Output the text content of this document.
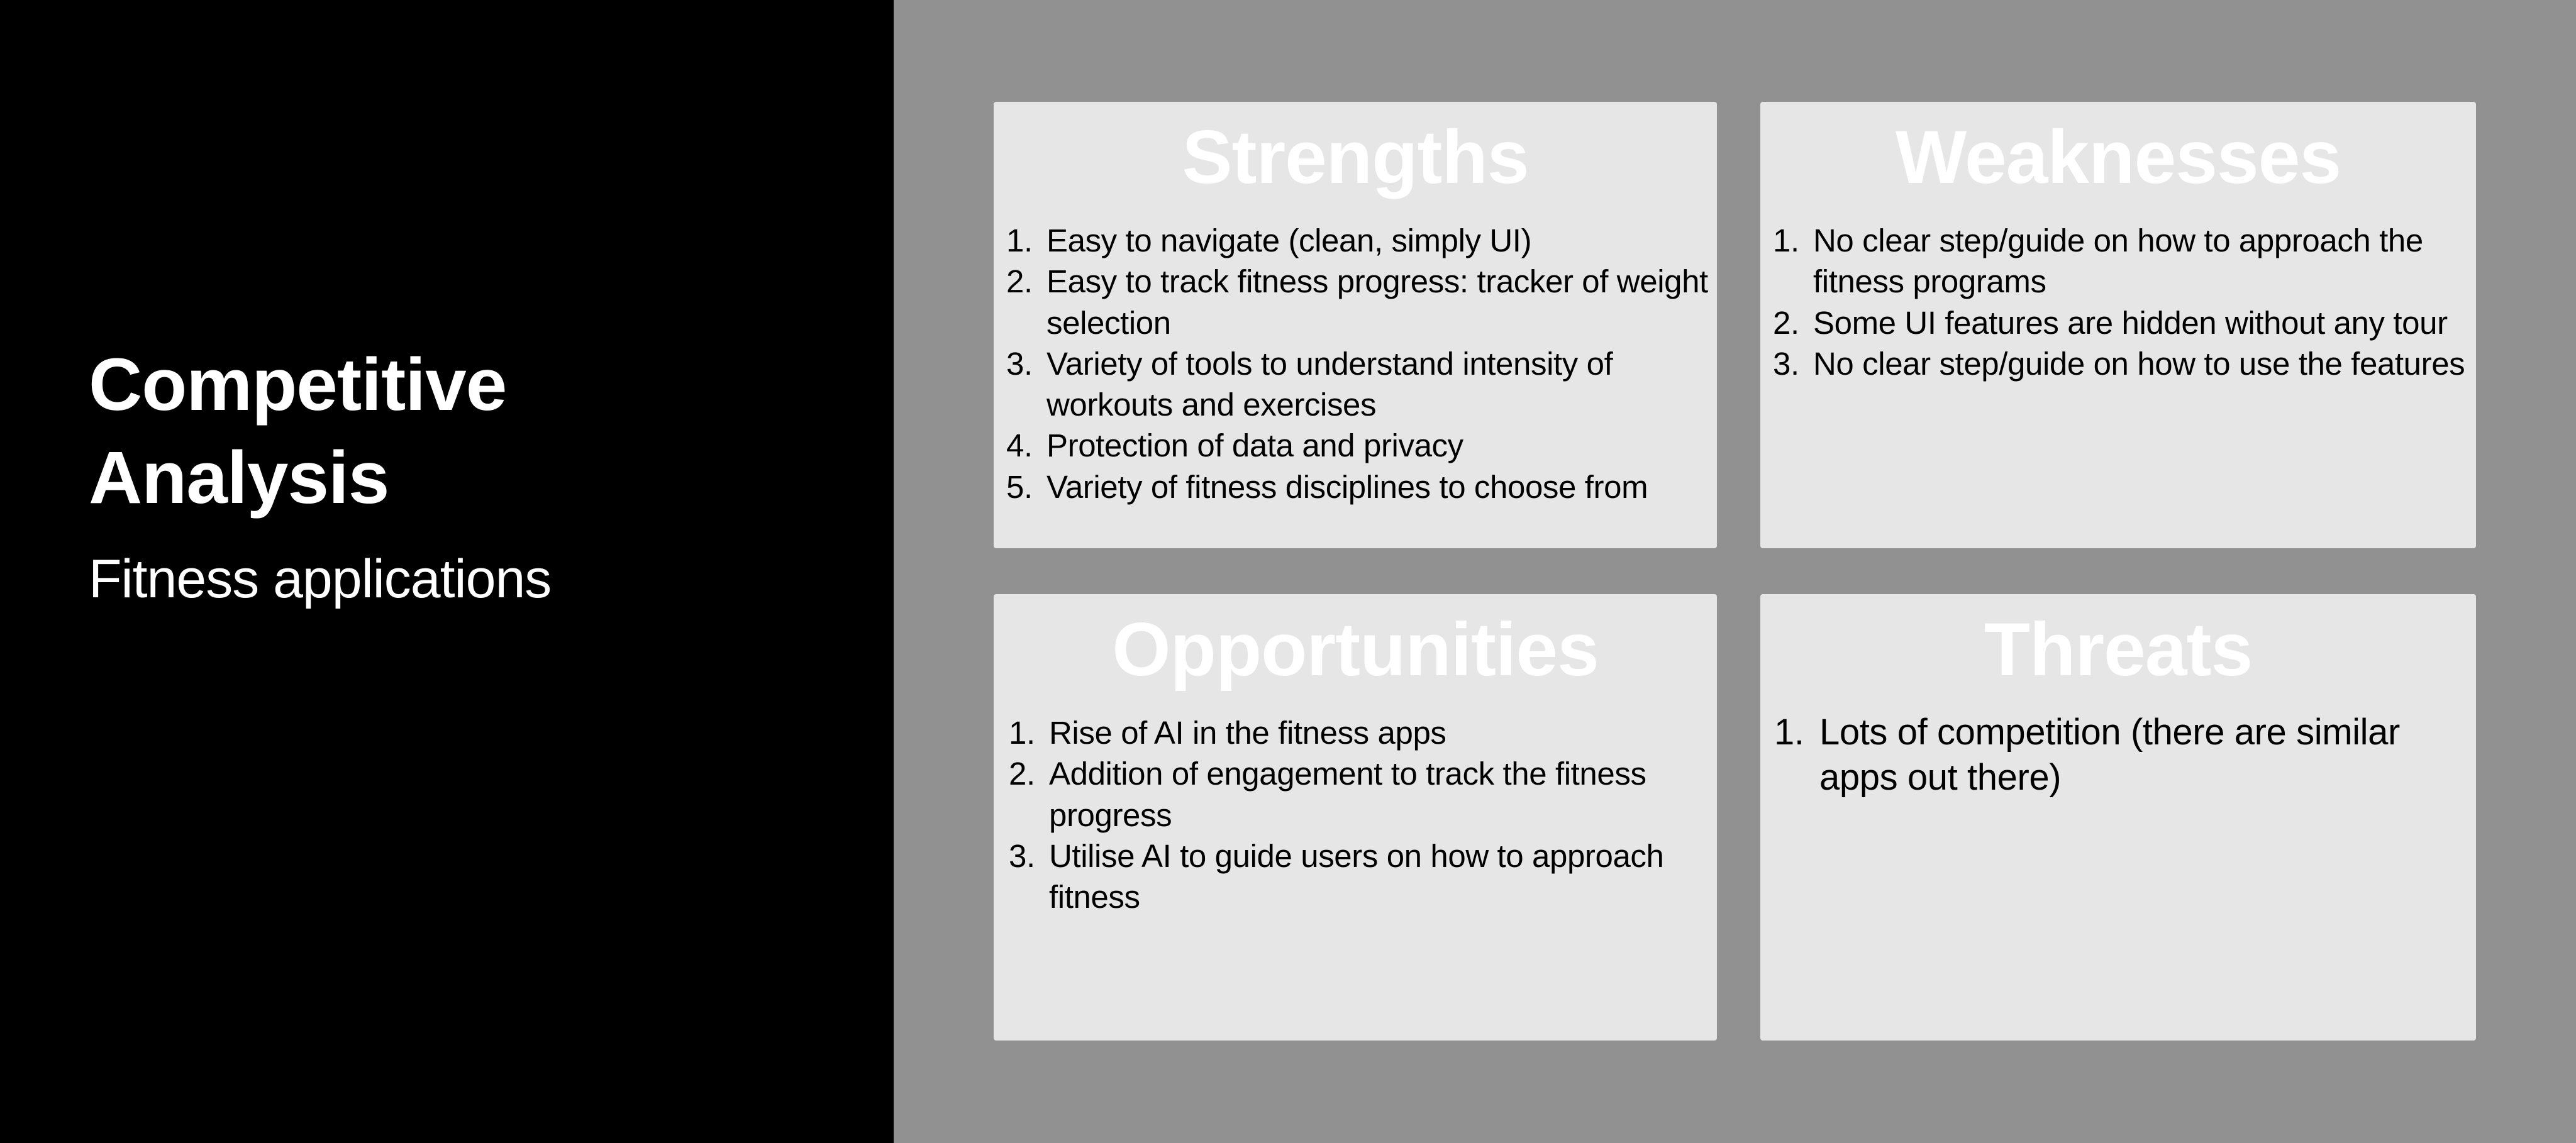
Competitive
Analysis

Fitness applications

Strengths
1. Easy to navigate (clean, simply UI)
2. Easy to track fitness progress: tracker of weight selection
3. Variety of tools to understand intensity of workouts and exercises
4. Protection of data and privacy
5. Variety of fitness disciplines to choose from
Weaknesses
1. No clear step/guide on how to approach the fitness programs
2. Some UI features are hidden without any tour
3. No clear step/guide on how to use the features
Opportunities
1. Rise of AI in the fitness apps
2. Addition of engagement to track the fitness progress
3. Utilise AI to guide users on how to approach fitness
Threats
1. Lots of competition (there are similar apps out there)
